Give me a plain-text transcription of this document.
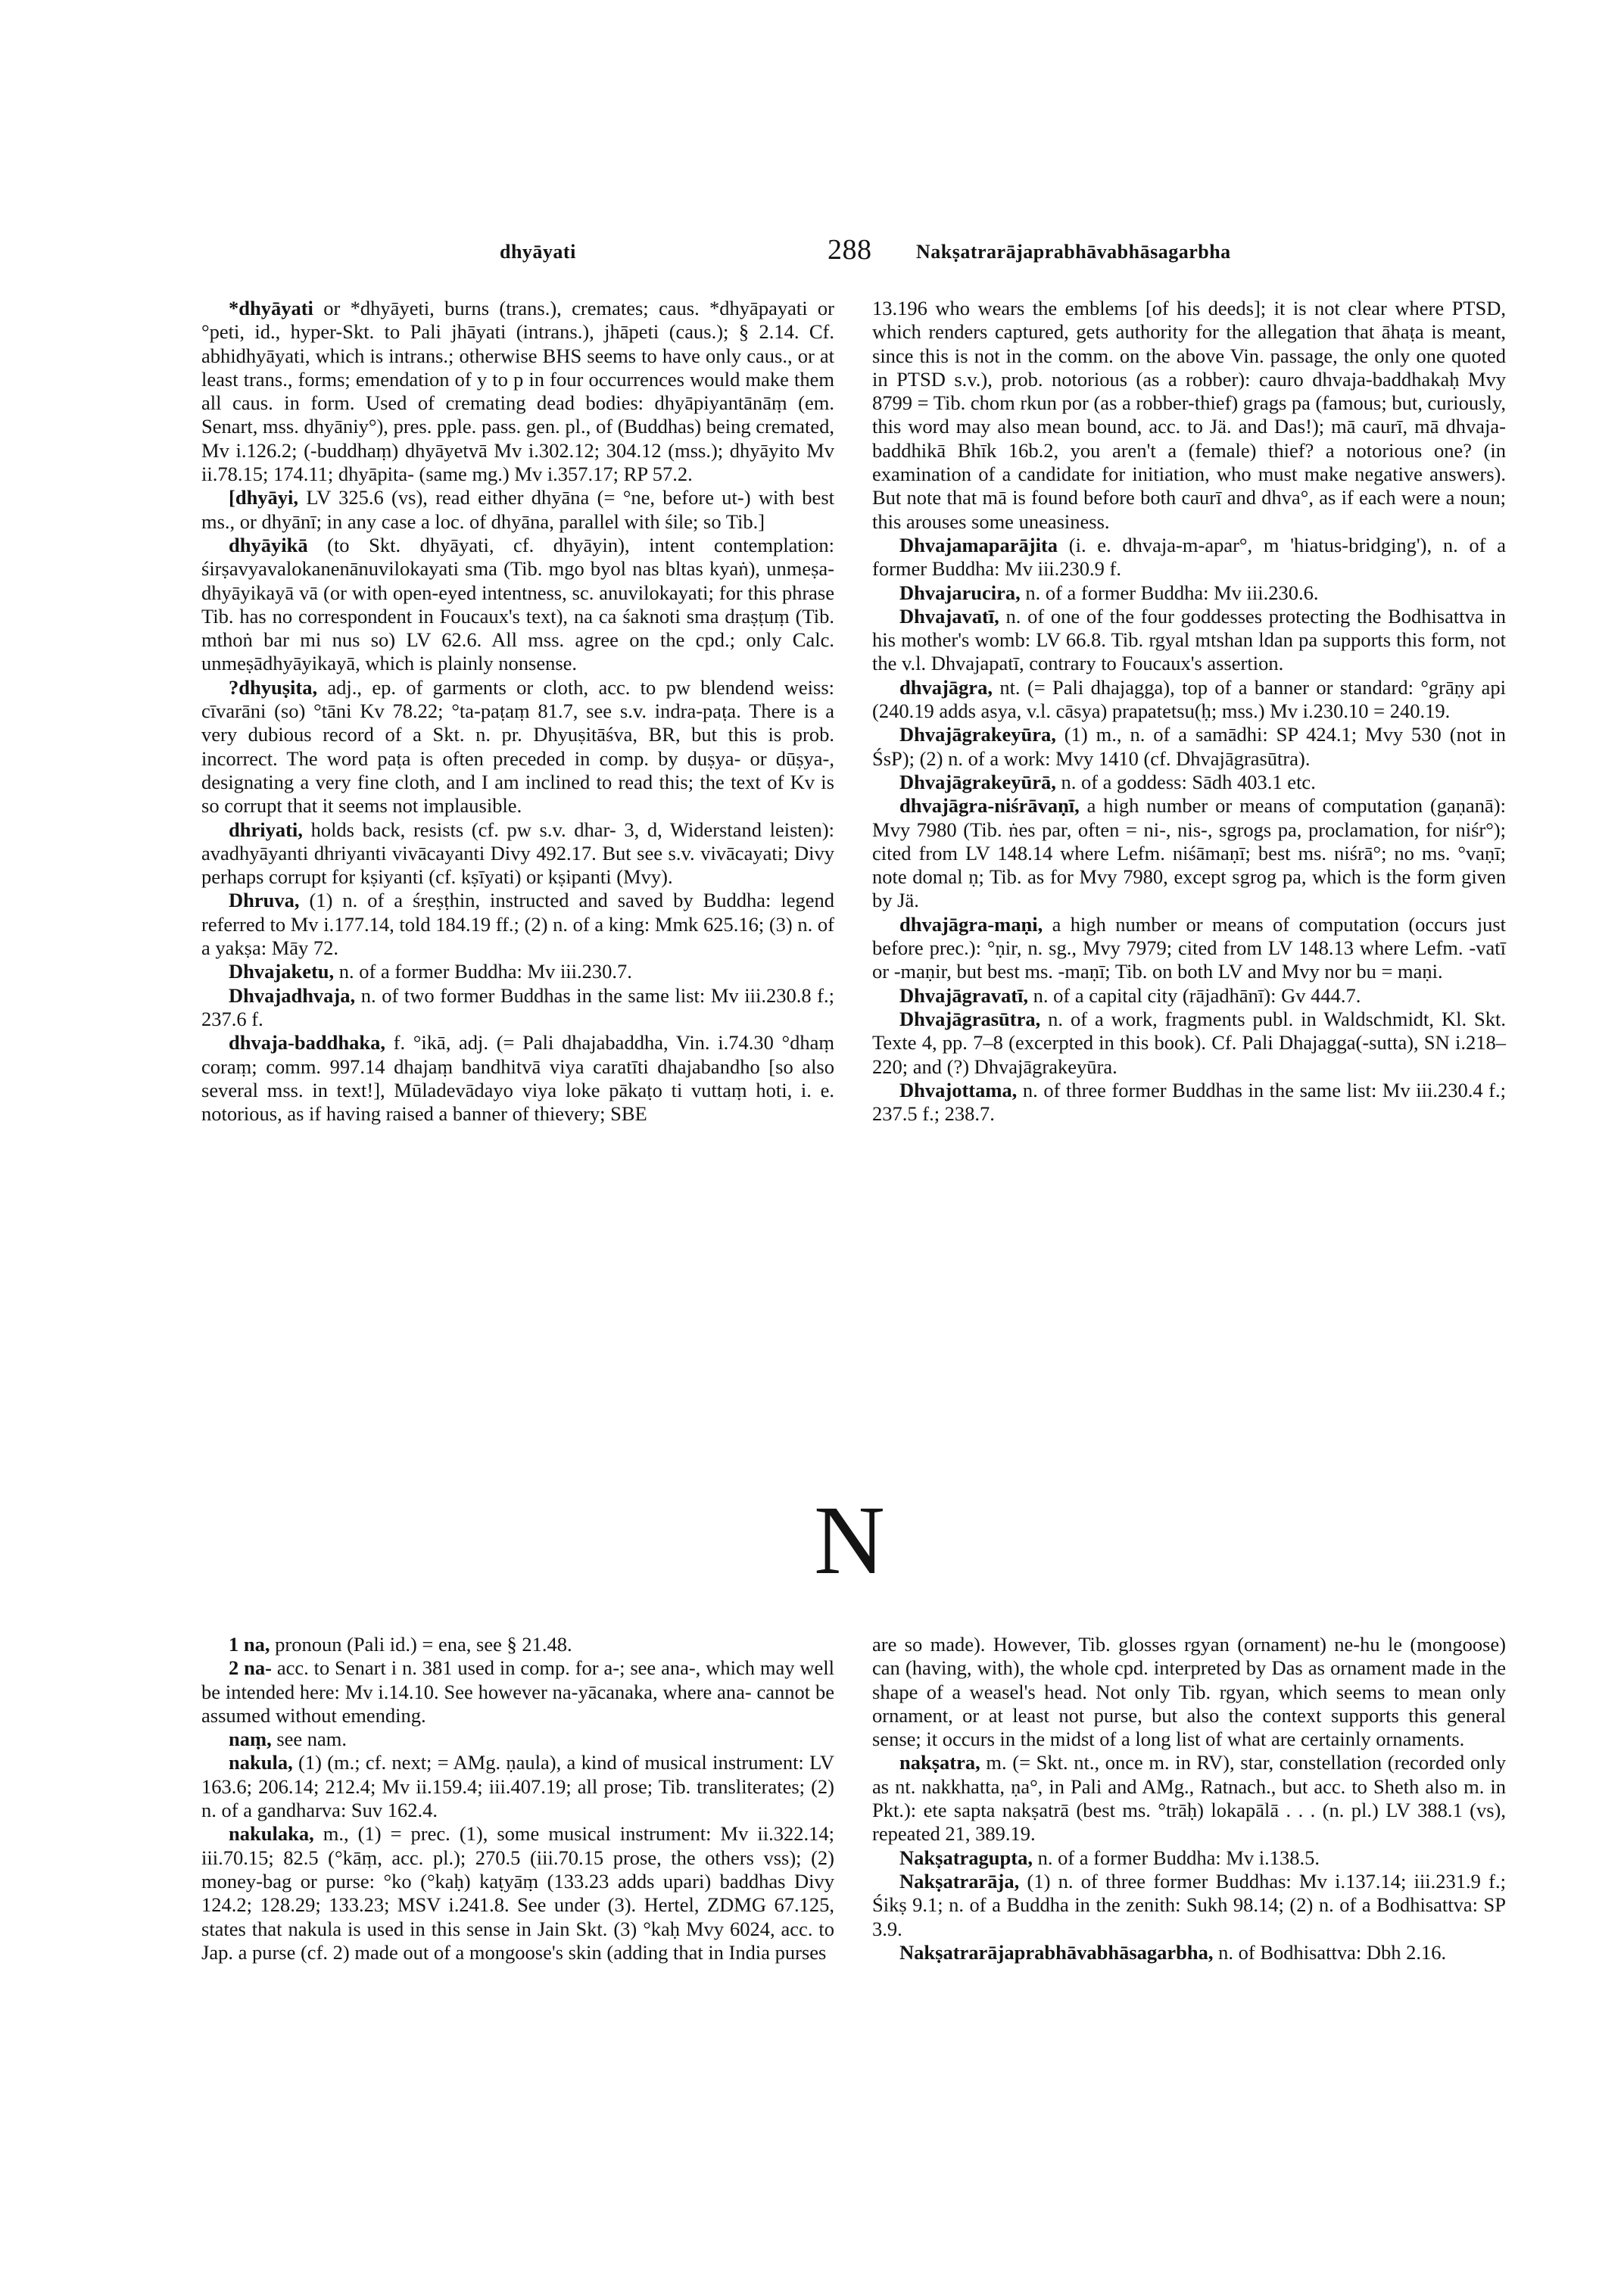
dhyāyati	288 Nakṣatrarājaprabhāvabhāsagarbha

*dhyāyati or *dhyāyeti, burns (trans.), cremates; caus. *dhyāpayati or °peti, id., hyper-Skt. to Pali jhāyati (intrans.), jhāpeti (caus.); § 2.14. Cf. abhidhyāyati, which is intrans.; otherwise BHS seems to have only caus., or at least trans., forms; emendation of y to p in four occurrences would make them all caus. in form. Used of cremating dead bodies: dhyāpiyantānāṃ (em. Senart, mss. dhyāniy°), pres. pple. pass. gen. pl., of (Buddhas) being cremated, Mv i.126.2; (-buddhaṃ) dhyāyetvā Mv i.302.12; 304.12 (mss.); dhyāyito Mv ii.78.15; 174.11; dhyāpita- (same mg.) Mv i.357.17; RP 57.2.

[dhyāyi, LV 325.6 (vs), read either dhyāna (= °ne, before ut-) with best ms., or dhyānī; in any case a loc. of dhyāna, parallel with śile; so Tib.]

dhyāyikā (to Skt. dhyāyati, cf. dhyāyin), intent contemplation: śirṣavyavalokanenānuvilokayati sma (Tib. mgo byol nas bltas kyaṅ), unmeṣa-dhyāyikayā vā (or with open-eyed intentness, sc. anuvilokayati; for this phrase Tib. has no correspondent in Foucaux's text), na ca śaknoti sma draṣṭuṃ (Tib. mthoṅ bar mi nus so) LV 62.6. All mss. agree on the cpd.; only Calc. unmeṣādhyāyikayā, which is plainly nonsense.

?dhyuṣita, adj., ep. of garments or cloth, acc. to pw blendend weiss: cīvarāni (so) °tāni Kv 78.22; °ta-paṭaṃ 81.7, see s.v. indra-paṭa. There is a very dubious record of a Skt. n. pr. Dhyuṣitāśva, BR, but this is prob. incorrect. The word paṭa is often preceded in comp. by duṣya- or dūṣya-, designating a very fine cloth, and I am inclined to read this; the text of Kv is so corrupt that it seems not implausible.

dhriyati, holds back, resists (cf. pw s.v. dhar- 3, d, Widerstand leisten): avadhyāyanti dhriyanti vivācayanti Divy 492.17. But see s.v. vivācayati; Divy perhaps corrupt for kṣiyanti (cf. kṣīyati) or kṣipanti (Mvy).

Dhruva, (1) n. of a śreṣṭhin, instructed and saved by Buddha: legend referred to Mv i.177.14, told 184.19 ff.; (2) n. of a king: Mmk 625.16; (3) n. of a yakṣa: Māy 72.

Dhvajaketu, n. of a former Buddha: Mv iii.230.7.

Dhvajadhvaja, n. of two former Buddhas in the same list: Mv iii.230.8 f.; 237.6 f.

dhvaja-baddhaka, f. °ikā, adj. (= Pali dhajabaddha, Vin. i.74.30 °dhaṃ coraṃ; comm. 997.14 dhajaṃ bandhitvā viya caratīti dhajabandho [so also several mss. in text!], Mūladevādayo viya loke pākaṭo ti vuttaṃ hoti, i. e. notorious, as if having raised a banner of thievery; SBE

13.196 who wears the emblems [of his deeds]; it is not clear where PTSD, which renders captured, gets authority for the allegation that āhaṭa is meant, since this is not in the comm. on the above Vin. passage, the only one quoted in PTSD s.v.), prob. notorious (as a robber): cauro dhvaja-baddhakaḥ Mvy 8799 = Tib. chom rkun por (as a robber-thief) grags pa (famous; but, curiously, this word may also mean bound, acc. to Jä. and Das!); mā caurī, mā dhvaja-baddhikā Bhīk 16b.2, you aren't a (female) thief? a notorious one? (in examination of a candidate for initiation, who must make negative answers). But note that mā is found before both caurī and dhva°, as if each were a noun; this arouses some uneasiness.

Dhvajamaparājita (i. e. dhvaja-m-apar°, m 'hiatus-bridging'), n. of a former Buddha: Mv iii.230.9 f.

Dhvajarucira, n. of a former Buddha: Mv iii.230.6.

Dhvajavatī, n. of one of the four goddesses protecting the Bodhisattva in his mother's womb: LV 66.8. Tib. rgyal mtshan ldan pa supports this form, not the v.l. Dhvajapatī, contrary to Foucaux's assertion.

dhvajāgra, nt. (= Pali dhajagga), top of a banner or standard: °grāṇy api (240.19 adds asya, v.l. cāsya) prapatetsu(ḥ; mss.) Mv i.230.10 = 240.19.

Dhvajāgrakeyūra, (1) m., n. of a samādhi: SP 424.1; Mvy 530 (not in ŚsP); (2) n. of a work: Mvy 1410 (cf. Dhvajāgrasūtra).

Dhvajāgrakeyūrā, n. of a goddess: Sādh 403.1 etc.

dhvajāgra-niśrāvaṇī, a high number or means of computation (gaṇanā): Mvy 7980 (Tib. ṅes par, often = ni-, nis-, sgrogs pa, proclamation, for niśr°); cited from LV 148.14 where Lefm. niśāmaṇī; best ms. niśrā°; no ms. °vaṇī; note domal ṇ; Tib. as for Mvy 7980, except sgrog pa, which is the form given by Jä.

dhvajāgra-maṇi, a high number or means of computation (occurs just before prec.): °ṇir, n. sg., Mvy 7979; cited from LV 148.13 where Lefm. -vatī or -maṇir, but best ms. -maṇī; Tib. on both LV and Mvy nor bu = maṇi.

Dhvajāgravatī, n. of a capital city (rājadhānī): Gv 444.7.

Dhvajāgrasūtra, n. of a work, fragments publ. in Waldschmidt, Kl. Skt. Texte 4, pp. 7–8 (excerpted in this book). Cf. Pali Dhajagga(-sutta), SN i.218–220; and (?) Dhvajāgrakeyūra.

Dhvajottama, n. of three former Buddhas in the same list: Mv iii.230.4 f.; 237.5 f.; 238.7.

N

1 na, pronoun (Pali id.) = ena, see § 21.48.

2 na- acc. to Senart i n. 381 used in comp. for a-; see ana-, which may well be intended here: Mv i.14.10. See however na-yācanaka, where ana- cannot be assumed without emending.

naṃ, see nam.

nakula, (1) (m.; cf. next; = AMg. ṇaula), a kind of musical instrument: LV 163.6; 206.14; 212.4; Mv ii.159.4; iii.407.19; all prose; Tib. transliterates; (2) n. of a gandharva: Suv 162.4.

nakulaka, m., (1) = prec. (1), some musical instrument: Mv ii.322.14; iii.70.15; 82.5 (°kāṃ, acc. pl.); 270.5 (iii.70.15 prose, the others vss); (2) money-bag or purse: °ko (°kaḥ) kaṭyāṃ (133.23 adds upari) baddhas Divy 124.2; 128.29; 133.23; MSV i.241.8. See under (3). Hertel, ZDMG 67.125, states that nakula is used in this sense in Jain Skt. (3) °kaḥ Mvy 6024, acc. to Jap. a purse (cf. 2) made out of a mongoose's skin (adding that in India purses

are so made). However, Tib. glosses rgyan (ornament) ne-hu le (mongoose) can (having, with), the whole cpd. interpreted by Das as ornament made in the shape of a weasel's head. Not only Tib. rgyan, which seems to mean only ornament, or at least not purse, but also the context supports this general sense; it occurs in the midst of a long list of what are certainly ornaments.

nakṣatra, m. (= Skt. nt., once m. in RV), star, constellation (recorded only as nt. nakkhatta, ṇa°, in Pali and AMg., Ratnach., but acc. to Sheth also m. in Pkt.): ete sapta nakṣatrā (best ms. °trāḥ) lokapālā . . . (n. pl.) LV 388.1 (vs), repeated 21, 389.19.

Nakṣatragupta, n. of a former Buddha: Mv i.138.5.

Nakṣatrarāja, (1) n. of three former Buddhas: Mv i.137.14; iii.231.9 f.; Śikṣ 9.1; n. of a Buddha in the zenith: Sukh 98.14; (2) n. of a Bodhisattva: SP 3.9.

Nakṣatrarājaprabhāvabhāsagarbha, n. of Bodhisattva: Dbh 2.16.
